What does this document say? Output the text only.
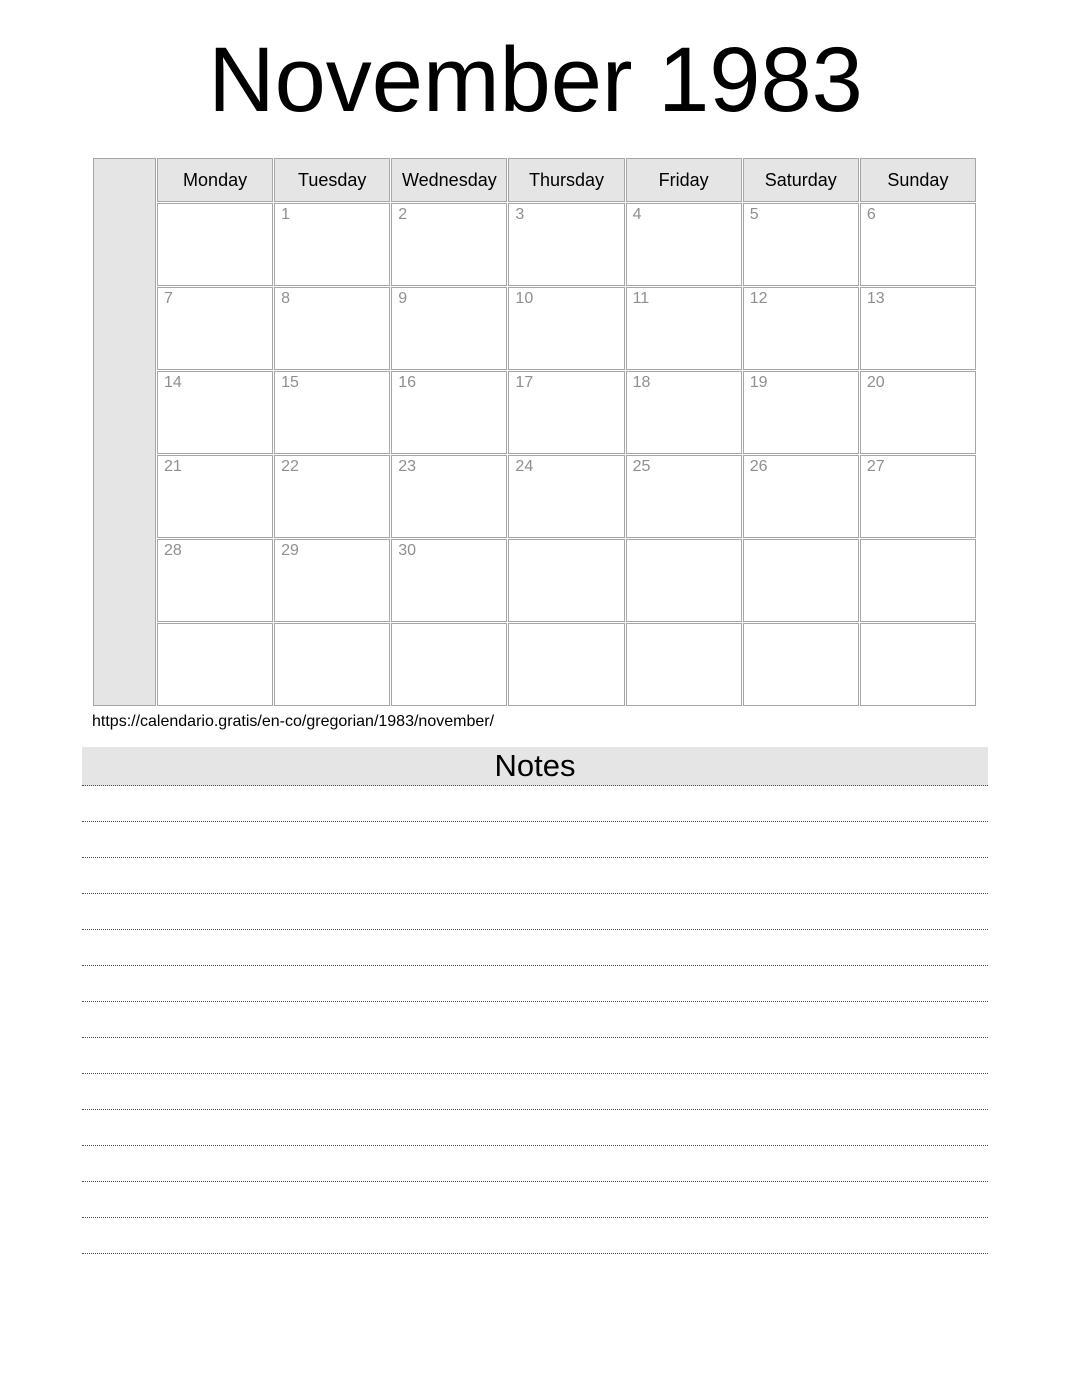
November 1983
	Monday	Tuesday	Wednesday	Thursday	Friday	Saturday	Sunday
		1	2	3	4	5	6
	7	8	9	10	11	12	13
	14	15	16	17	18	19	20
	21	22	23	24	25	26	27
	28	29	30				

https://calendario.gratis/en-co/gregorian/1983/november/
Notes
